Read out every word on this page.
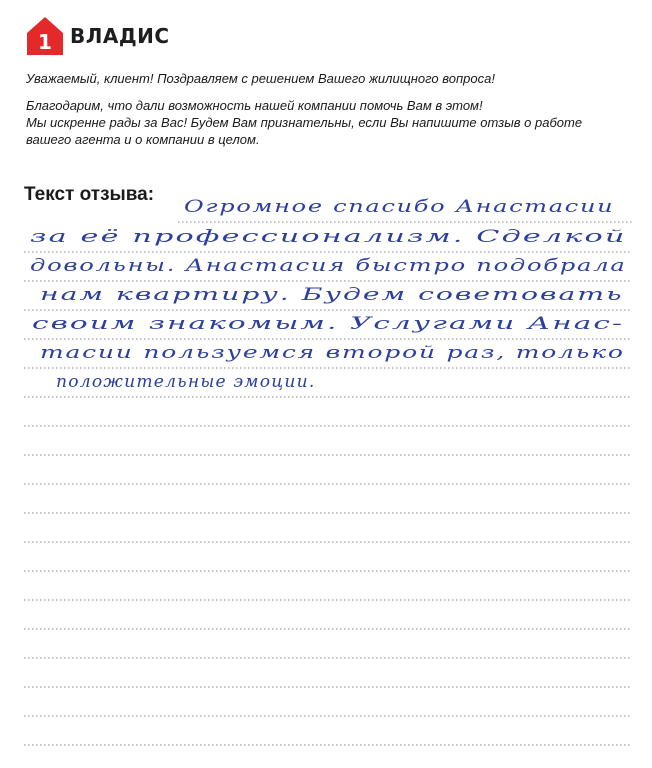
1 ВЛАДИС

Уважаемый, клиент! Поздравляем с решением Вашего жилищного вопроса!

Благодарим, что дали возможность нашей компании помочь Вам в этом!

Мы искренне рады за Вас! Будем Вам признательны, если Вы напишите отзыв о работе

вашего агента и о компании в целом.

Текст отзыва:
Огромное спасибо Анастасии
за её профессионализм. Сделкой
довольны. Анастасия быстро подобрала
нам квартиру. Будем советовать
своим знакомым. Услугами Анас-
тасии пользуемся второй раз, только
положительные эмоции.
